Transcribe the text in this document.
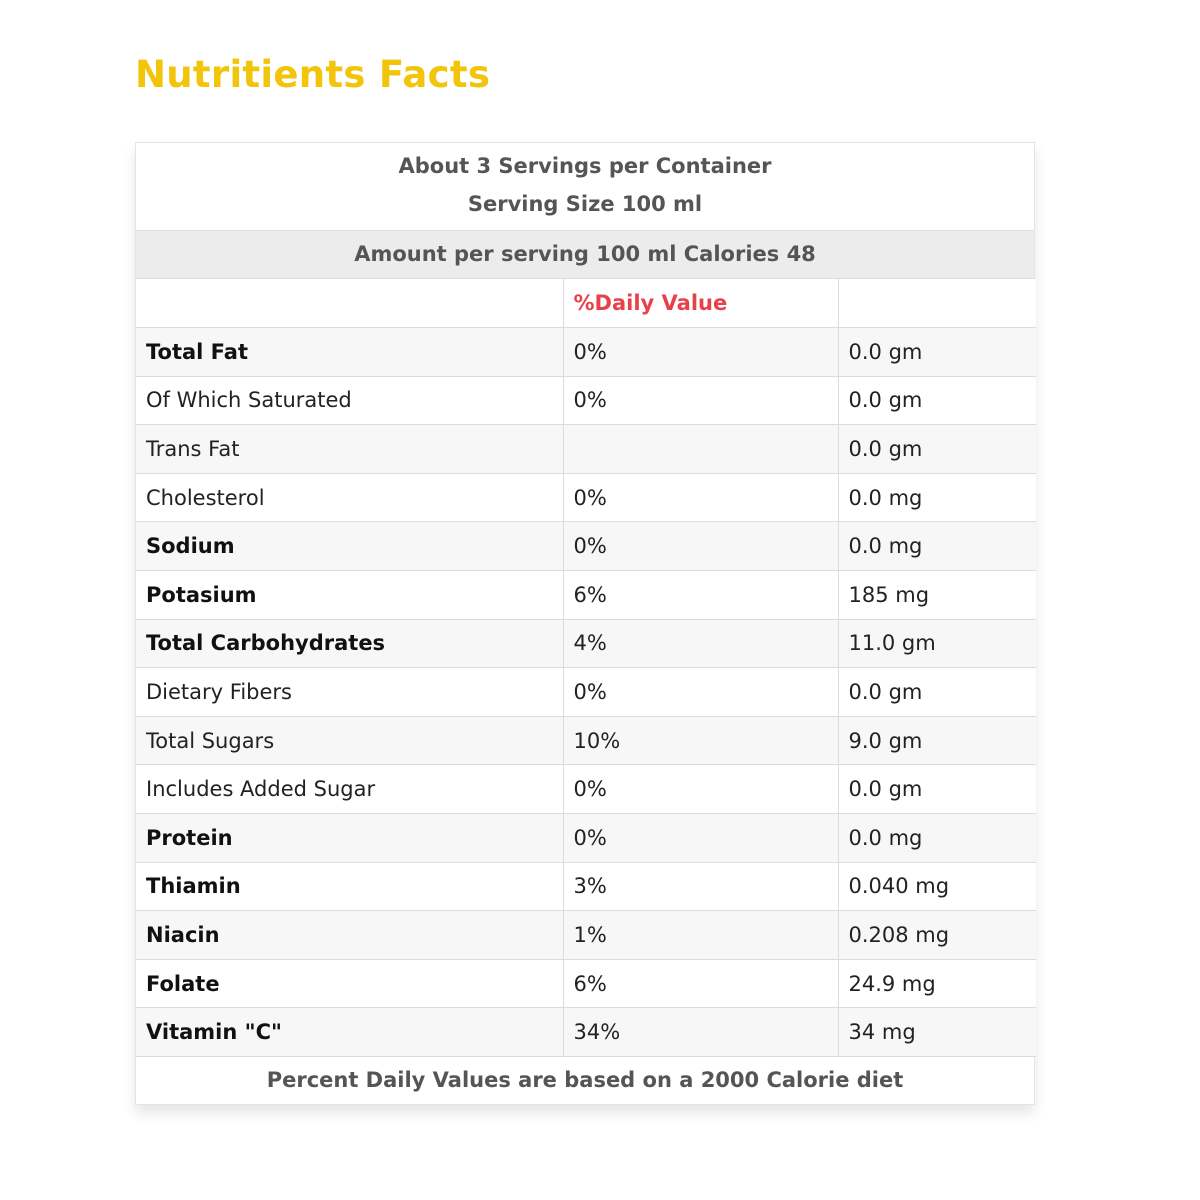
Nutritients Facts
About 3 Servings per Container
Serving Size 100 ml
Amount per serving 100 ml Calories 48
	%Daily Value	
Total Fat	0%	0.0 gm
Of Which Saturated	0%	0.0 gm
Trans Fat		0.0 gm
Cholesterol	0%	0.0 mg
Sodium	0%	0.0 mg
Potasium	6%	185 mg
Total Carbohydrates	4%	11.0 gm
Dietary Fibers	0%	0.0 gm
Total Sugars	10%	9.0 gm
Includes Added Sugar	0%	0.0 gm
Protein	0%	0.0 mg
Thiamin	3%	0.040 mg
Niacin	1%	0.208 mg
Folate	6%	24.9 mg
Vitamin "C"	34%	34 mg
Percent Daily Values are based on a 2000 Calorie diet
